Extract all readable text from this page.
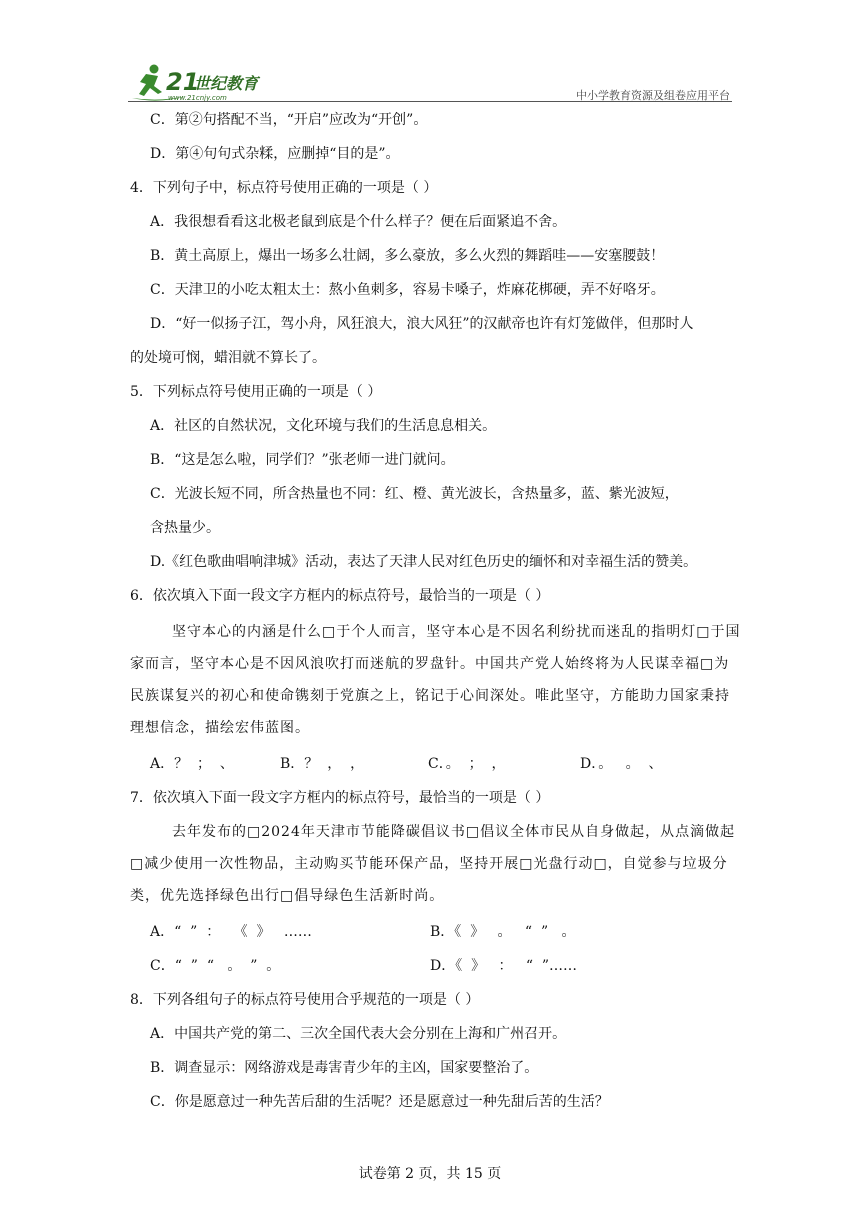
21
世纪教育
www.21cnjy.com	中小学教育资源及组卷应用平台
C．第②句搭配不当，“开启”应改为“开创”。
D．第④句句式杂糅，应删掉“目的是”。
4．下列句子中，标点符号使用正确的一项是（ ）
A．我很想看看这北极老鼠到底是个什么样子？便在后面紧追不舍。
B．黄土高原上，爆出一场多么壮阔，多么豪放，多么火烈的舞蹈哇——安塞腰鼓！
C．天津卫的小吃太粗太土：熬小鱼刺多，容易卡嗓子，炸麻花梆硬，弄不好咯牙。
D．“好一似扬子江，驾小舟，风狂浪大，浪大风狂”的汉献帝也许有灯笼做伴，但那时人
的处境可悯，蜡泪就不算长了。
5．下列标点符号使用正确的一项是（ ）
A．社区的自然状况，文化环境与我们的生活息息相关。
B．“这是怎么啦，同学们？”张老师一进门就问。
C．光波长短不同，所含热量也不同：红、橙、黄光波长，含热量多，蓝、紫光波短，
含热量少。
D.《红色歌曲唱响津城》活动，表达了天津人民对红色历史的缅怀和对幸福生活的赞美。
6．依次填入下面一段文字方框内的标点符号，最恰当的一项是（ ）
坚守本心的内涵是什么□于个人而言，坚守本心是不因名利纷扰而迷乱的指明灯□于国
家而言，坚守本心是不因风浪吹打而迷航的罗盘针。中国共产党人始终将为人民谋幸福□为
民族谋复兴的初心和使命镌刻于党旗之上，铭记于心间深处。唯此坚守，方能助力国家秉持
理想信念，描绘宏伟蓝图。
A．？  ；  、	B．？  ，  ，	C．。  ；  ，	D．。   。  、
7．依次填入下面一段文字方框内的标点符号，最恰当的一项是（ ）
去年发布的□2024年天津市节能降碳倡议书□倡议全体市民从自身做起，从点滴做起
□减少使用一次性物品，主动购买节能环保产品，坚持开展□光盘行动□，自觉参与垃圾分
类，优先选择绿色出行□倡导绿色生活新时尚。
A．“  ”  ：   《  》   ……	B．《  》   。   “  ”   。
C．“  ”  “   。  ”  。	D．《  》   ：   “  ”……
8．下列各组句子的标点符号使用合乎规范的一项是（ ）
A．中国共产党的第二、三次全国代表大会分别在上海和广州召开。
B．调查显示：网络游戏是毒害青少年的主凶，国家要整治了。
C．你是愿意过一种先苦后甜的生活呢？还是愿意过一种先甜后苦的生活？
试卷第 2 页，共 15 页
